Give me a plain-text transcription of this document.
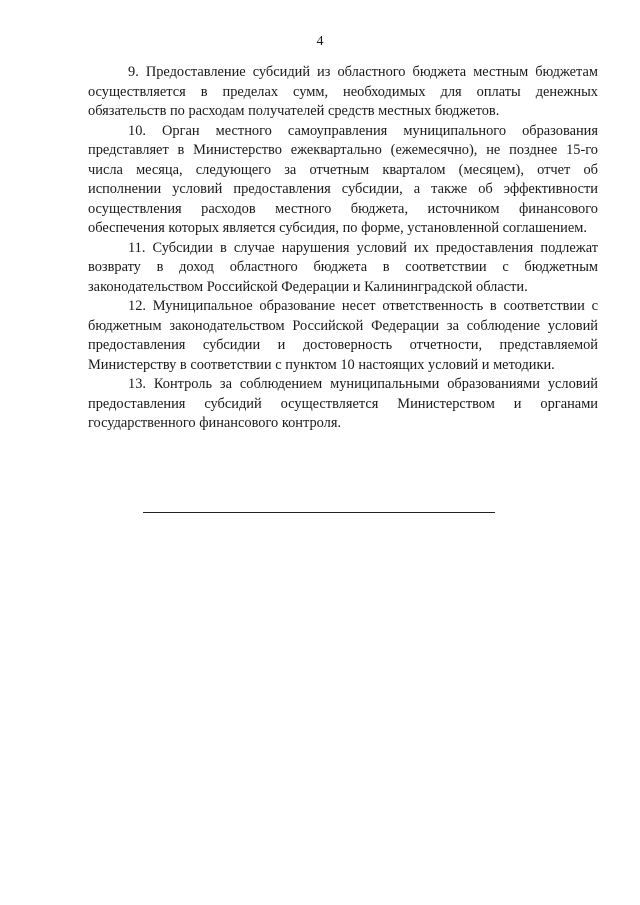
4

9. Предоставление субсидий из областного бюджета местным бюджетам осуществляется в пределах сумм, необходимых для оплаты денежных обязательств по расходам получателей средств местных бюджетов.

10. Орган местного самоуправления муниципального образования представляет в Министерство ежеквартально (ежемесячно), не позднее 15-го числа месяца, следующего за отчетным кварталом (месяцем), отчет об исполнении условий предоставления субсидии, а также об эффективности осуществления расходов местного бюджета, источником финансового обеспечения которых является субсидия, по форме, установленной соглашением.

11. Субсидии в случае нарушения условий их предоставления подлежат возврату в доход областного бюджета в соответствии с бюджетным законодательством Российской Федерации и Калининградской области.

12. Муниципальное образование несет ответственность в соответствии с бюджетным законодательством Российской Федерации за соблюдение условий предоставления субсидии и достоверность отчетности, представляемой Министерству в соответствии с пунктом 10 настоящих условий и методики.

13. Контроль за соблюдением муниципальными образованиями условий предоставления субсидий осуществляется Министерством и органами государственного финансового контроля.
